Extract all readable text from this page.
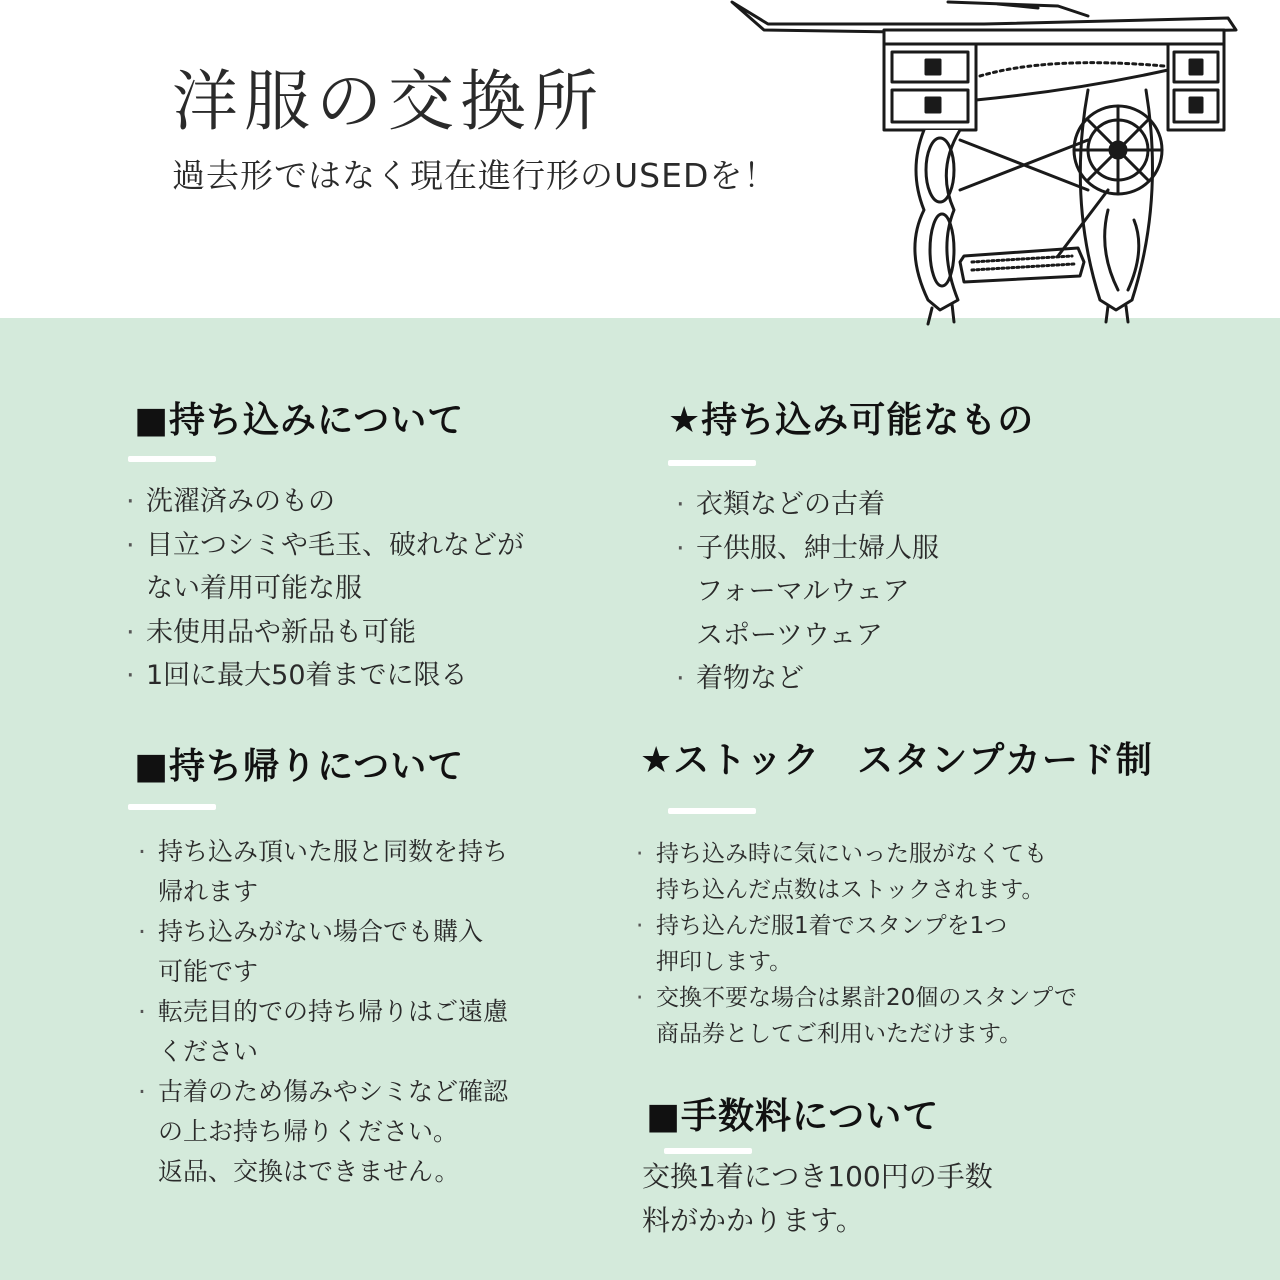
洋服の交換所

過去形ではなく現在進行形のUSEDを！

■持ち込みについて
· 洗濯済みのもの
· 目立つシミや毛玉、破れなどが
ない着用可能な服
· 未使用品や新品も可能
· 1回に最大50着までに限る
★持ち込み可能なもの
· 衣類などの古着
· 子供服、紳士婦人服
フォーマルウェア
スポーツウェア
· 着物など
■持ち帰りについて
· 持ち込み頂いた服と同数を持ち
帰れます
· 持ち込みがない場合でも購入
可能です
· 転売目的での持ち帰りはご遠慮
ください
· 古着のため傷みやシミなど確認
の上お持ち帰りください。
返品、交換はできません。
★ストック　スタンプカード制
· 持ち込み時に気にいった服がなくても
持ち込んだ点数はストックされます。
· 持ち込んだ服1着でスタンプを1つ
押印します。
· 交換不要な場合は累計20個のスタンプで
商品券としてご利用いただけます。
■手数料について
交換1着につき100円の手数
料がかかります。
